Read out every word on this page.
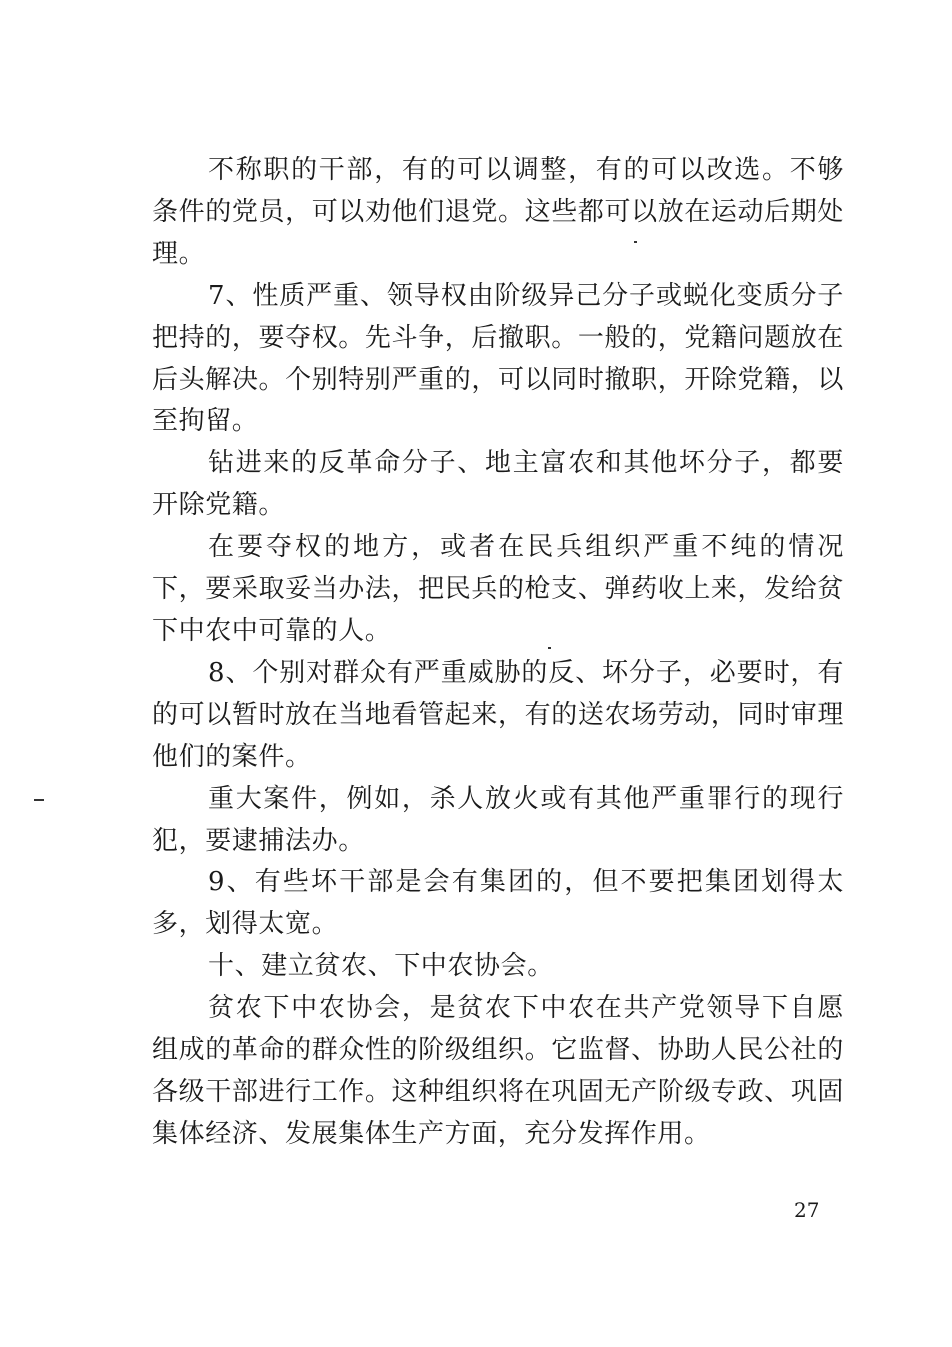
不称职的干部，有的可以调整，有的可以改选。不够条件的党员，可以劝他们退党。这些都可以放在运动后期处理。

7、性质严重、领导权由阶级异己分子或蜕化变质分子把持的，要夺权。先斗争，后撤职。一般的，党籍问题放在后头解决。个别特别严重的，可以同时撤职，开除党籍，以至拘留。

钻进来的反革命分子、地主富农和其他坏分子，都要开除党籍。

在要夺权的地方，或者在民兵组织严重不纯的情况下，要采取妥当办法，把民兵的枪支、弹药收上来，发给贫下中农中可靠的人。

8、个别对群众有严重威胁的反、坏分子，必要时，有的可以暂时放在当地看管起来，有的送农场劳动，同时审理他们的案件。

重大案件，例如，杀人放火或有其他严重罪行的现行犯，要逮捕法办。

9、有些坏干部是会有集团的，但不要把集团划得太多，划得太宽。

十、建立贫农、下中农协会。

贫农下中农协会，是贫农下中农在共产党领导下自愿组成的革命的群众性的阶级组织。它监督、协助人民公社的各级干部进行工作。这种组织将在巩固无产阶级专政、巩固集体经济、发展集体生产方面，充分发挥作用。

27
